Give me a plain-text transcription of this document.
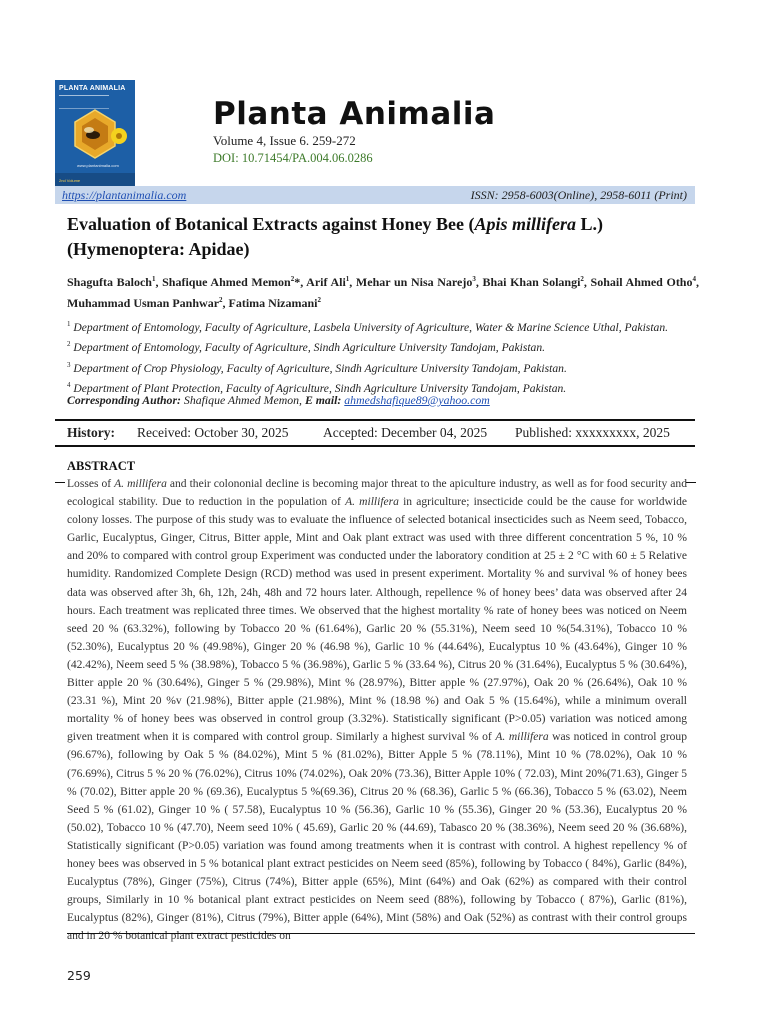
PLANTA ANIMALIA
www.plantanimalia.com
2nd Volume
Planta Animalia
Volume 4, Issue 6. 259-272
DOI: 10.71454/PA.004.06.0286
https://plantanimalia.com	ISSN: 2958-6003(Online), 2958-6011 (Print)
Evaluation of Botanical Extracts against Honey Bee (Apis millifera L.) (Hymenoptera: Apidae)
Shagufta Baloch$^1$, Shafique Ahmed Memon$^2$*, Arif Ali$^1$, Mehar un Nisa Narejo$^3$, Bhai Khan Solangi$^2$, Sohail Ahmed Otho$^4$, Muhammad Usman Panhwar$^2$, Fatima Nizamani$^2$
$^1$ Department of Entomology, Faculty of Agriculture, Lasbela University of Agriculture, Water & Marine Science Uthal, Pakistan.
$^2$ Department of Entomology, Faculty of Agriculture, Sindh Agriculture University Tandojam, Pakistan.
$^3$ Department of Crop Physiology, Faculty of Agriculture, Sindh Agriculture University Tandojam, Pakistan.
$^4$ Department of Plant Protection, Faculty of Agriculture, Sindh Agriculture University Tandojam, Pakistan.
Corresponding Author: Shafique Ahmed Memon, E mail: ahmedshafique89@yahoo.com
History: Received: October 30, 2025	Accepted: December 04, 2025 Published: xxxxxxxxx, 2025
ABSTRACT

Losses of A. millifera and their colononial decline is becoming major threat to the apiculture industry, as well as for food security and ecological stability. Due to reduction in the population of A. millifera in agriculture; insecticide could be the cause for worldwide colony losses. The purpose of this study was to evaluate the influence of selected botanical insecticides such as Neem seed, Tobacco, Garlic, Eucalyptus, Ginger, Citrus, Bitter apple, Mint and Oak plant extract was used with three different concentration 5 %, 10 % and 20% to compared with control group Experiment was conducted under the laboratory condition at 25 ± 2 °C with 60 ± 5 Relative humidity. Randomized Complete Design (RCD) method was used in present experiment. Mortality % and survival % of honey bees data was observed after 3h, 6h, 12h, 24h, 48h and 72 hours later. Although, repellence % of honey bees’ data was observed after 24 hours. Each treatment was replicated three times. We observed that the highest mortality % rate of honey bees was noticed on Neem seed 20 % (63.32%), following by Tobacco 20 % (61.64%), Garlic 20 % (55.31%), Neem seed 10 %(54.31%), Tobacco 10 % (52.30%), Eucalyptus 20 % (49.98%), Ginger 20 % (46.98 %), Garlic 10 % (44.64%), Eucalyptus 10 % (43.64%), Ginger 10 % (42.42%), Neem seed 5 % (38.98%), Tobacco 5 % (36.98%), Garlic 5 % (33.64 %), Citrus 20 % (31.64%), Eucalyptus 5 % (30.64%), Bitter apple 20 % (30.64%), Ginger 5 % (29.98%), Mint % (28.97%), Bitter apple % (27.97%), Oak 20 % (26.64%), Oak 10 % (23.31 %), Mint 20 %v (21.98%), Bitter apple (21.98%), Mint % (18.98 %) and Oak 5 % (15.64%), while a minimum overall mortality % of honey bees was observed in control group (3.32%). Statistically significant (P>0.05) variation was noticed among given treatment when it is compared with control group. Similarly a highest survival % of A. millifera was noticed in control group (96.67%), following by Oak 5 % (84.02%), Mint 5 % (81.02%), Bitter Apple 5 % (78.11%), Mint 10 % (78.02%), Oak 10 % (76.69%), Citrus 5 % 20 % (76.02%), Citrus 10% (74.02%), Oak 20% (73.36), Bitter Apple 10% ( 72.03), Mint 20%(71.63), Ginger 5 % (70.02), Bitter apple 20 % (69.36), Eucalyptus 5 %(69.36), Citrus 20 % (68.36), Garlic 5 % (66.36), Tobacco 5 % (63.02), Neem Seed 5 % (61.02), Ginger 10 % ( 57.58), Eucalyptus 10 % (56.36), Garlic 10 % (55.36), Ginger 20 % (53.36), Eucalyptus 20 % (50.02), Tobacco 10 % (47.70), Neem seed 10% ( 45.69), Garlic 20 % (44.69), Tabasco 20 % (38.36%), Neem seed 20 % (36.68%), Statistically significant (P>0.05) variation was found among treatments when it is contrast with control. A highest repellency % of honey bees was observed in 5 % botanical plant extract pesticides on Neem seed (85%), following by Tobacco ( 84%), Garlic (84%), Eucalyptus (78%), Ginger (75%), Citrus (74%), Bitter apple (65%), Mint (64%) and Oak (62%) as compared with their control groups, Similarly in 10 % botanical plant extract pesticides on Neem seed (88%), following by Tobacco ( 87%), Garlic (81%), Eucalyptus (82%), Ginger (81%), Citrus (79%), Bitter apple (64%), Mint (58%) and Oak (52%) as contrast with their control groups and in 20 % botanical plant extract pesticides on

259
